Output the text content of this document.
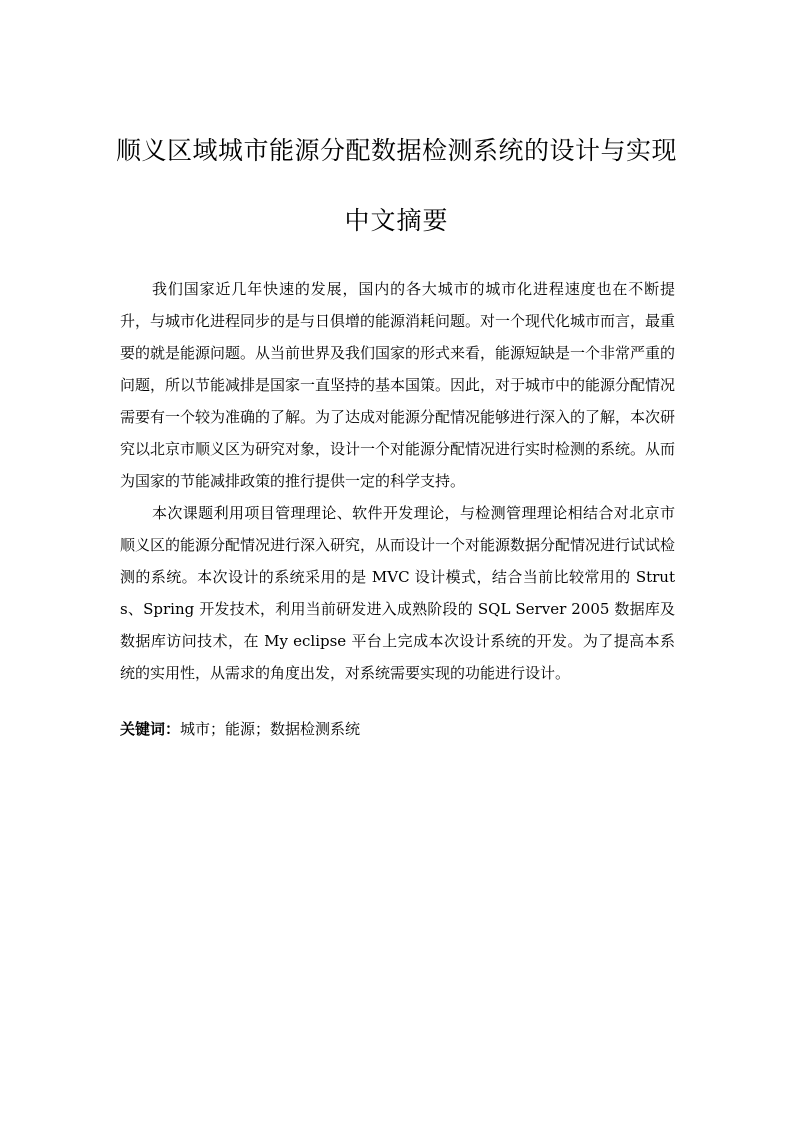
顺义区域城市能源分配数据检测系统的设计与实现
中文摘要

我们国家近几年快速的发展，国内的各大城市的城市化进程速度也在不断提升，与城市化进程同步的是与日俱增的能源消耗问题。对一个现代化城市而言，最重要的就是能源问题。从当前世界及我们国家的形式来看，能源短缺是一个非常严重的问题，所以节能减排是国家一直坚持的基本国策。因此，对于城市中的能源分配情况需要有一个较为准确的了解。为了达成对能源分配情况能够进行深入的了解，本次研究以北京市顺义区为研究对象，设计一个对能源分配情况进行实时检测的系统。从而为国家的节能减排政策的推行提供一定的科学支持。

本次课题利用项目管理理论、软件开发理论，与检测管理理论相结合对北京市顺义区的能源分配情况进行深入研究，从而设计一个对能源数据分配情况进行试试检测的系统。本次设计的系统采用的是 MVC 设计模式，结合当前比较常用的 Struts、Spring 开发技术，利用当前研发进入成熟阶段的 SQL Server 2005 数据库及数据库访问技术，在 My eclipse 平台上完成本次设计系统的开发。为了提高本系统的实用性，从需求的角度出发，对系统需要实现的功能进行设计。

关键词：城市；能源；数据检测系统
